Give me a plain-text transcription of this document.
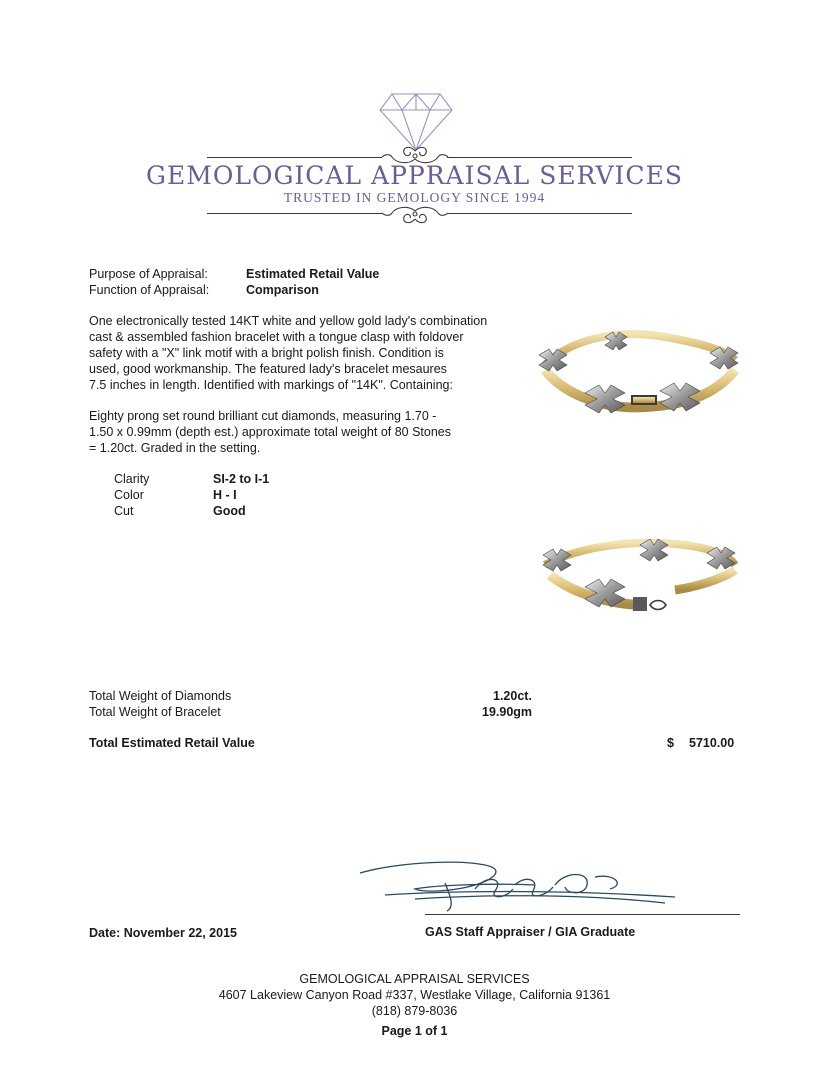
GEMOLOGICAL APPRAISAL SERVICES
TRUSTED IN GEMOLOGY SINCE 1994
Purpose of Appraisal:	Estimated Retail Value
Function of Appraisal:	Comparison
One electronically tested 14KT white and yellow gold lady's combination
cast & assembled fashion bracelet with a tongue clasp with foldover
safety with a "X" link motif with a bright polish finish. Condition is
used, good workmanship. The featured lady's bracelet mesaures
7.5 inches in length. Identified with markings of "14K". Containing:
Eighty prong set round brilliant cut diamonds, measuring 1.70 -
1.50 x 0.99mm (depth est.) approximate total weight of 80 Stones
= 1.20ct. Graded in the setting.
Clarity	SI-2 to I-1
Color	H - I
Cut	Good
Total Weight of Diamonds	1.20ct.
Total Weight of Bracelet	19.90gm
Total Estimated Retail Value	$ 5710.00
Date: November 22, 2015	GAS Staff Appraiser / GIA Graduate
GEMOLOGICAL APPRAISAL SERVICES
4607 Lakeview Canyon Road #337, Westlake Village, California 91361
(818) 879-8036
Page 1 of 1
